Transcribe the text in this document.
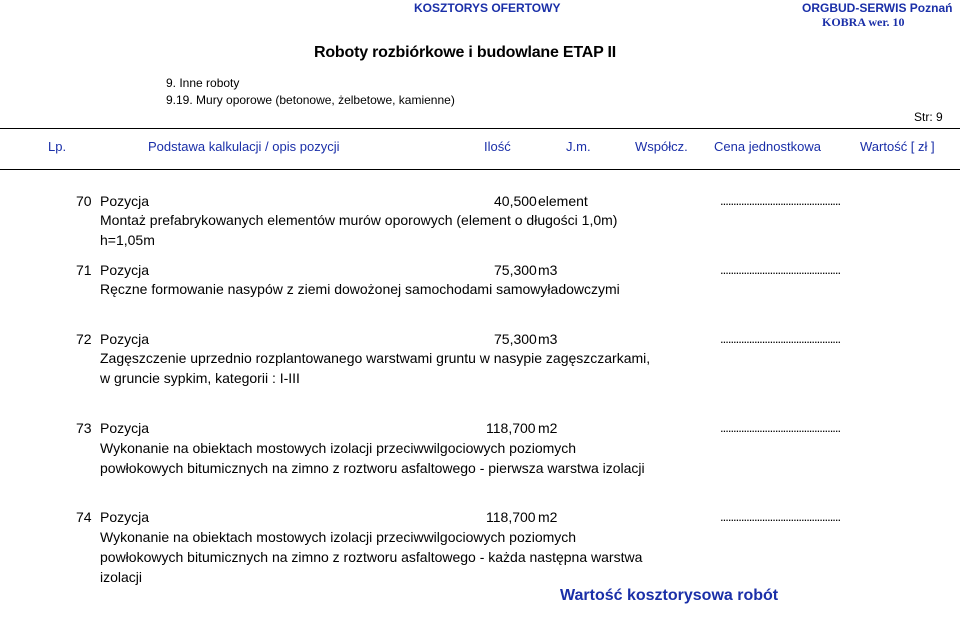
KOSZTORYS OFERTOWY	ORGBUD-SERWIS Poznań
KOBRA wer. 10
Roboty rozbiórkowe i budowlane ETAP II
9. Inne roboty
9.19. Mury oporowe (betonowe, żelbetowe, kamienne)
Str: 9
Lp.	Podstawa kalkulacji / opis pozycji	Ilość	J.m.	Współcz. Cena jednostkowa	Wartość [ zł ]
70 Pozycja	40,500 element	..............................................
Montaż prefabrykowanych elementów murów oporowych (element o długości 1,0m) h=1,05m
71 Pozycja	75,300 m3	..............................................
Ręczne formowanie nasypów z ziemi dowożonej samochodami samowyładowczymi
72 Pozycja	75,300 m3	..............................................
Zagęszczenie uprzednio rozplantowanego warstwami gruntu w nasypie zagęszczarkami, w gruncie sypkim, kategorii : I-III
73 Pozycja	118,700 m2	..............................................
Wykonanie na obiektach mostowych izolacji przeciwwilgociowych poziomych powłokowych bitumicznych na zimno z roztworu asfaltowego - pierwsza warstwa izolacji
74 Pozycja	118,700 m2	..............................................
Wykonanie na obiektach mostowych izolacji przeciwwilgociowych poziomych powłokowych bitumicznych na zimno z roztworu asfaltowego - każda następna warstwa izolacji
Wartość kosztorysowa robót
